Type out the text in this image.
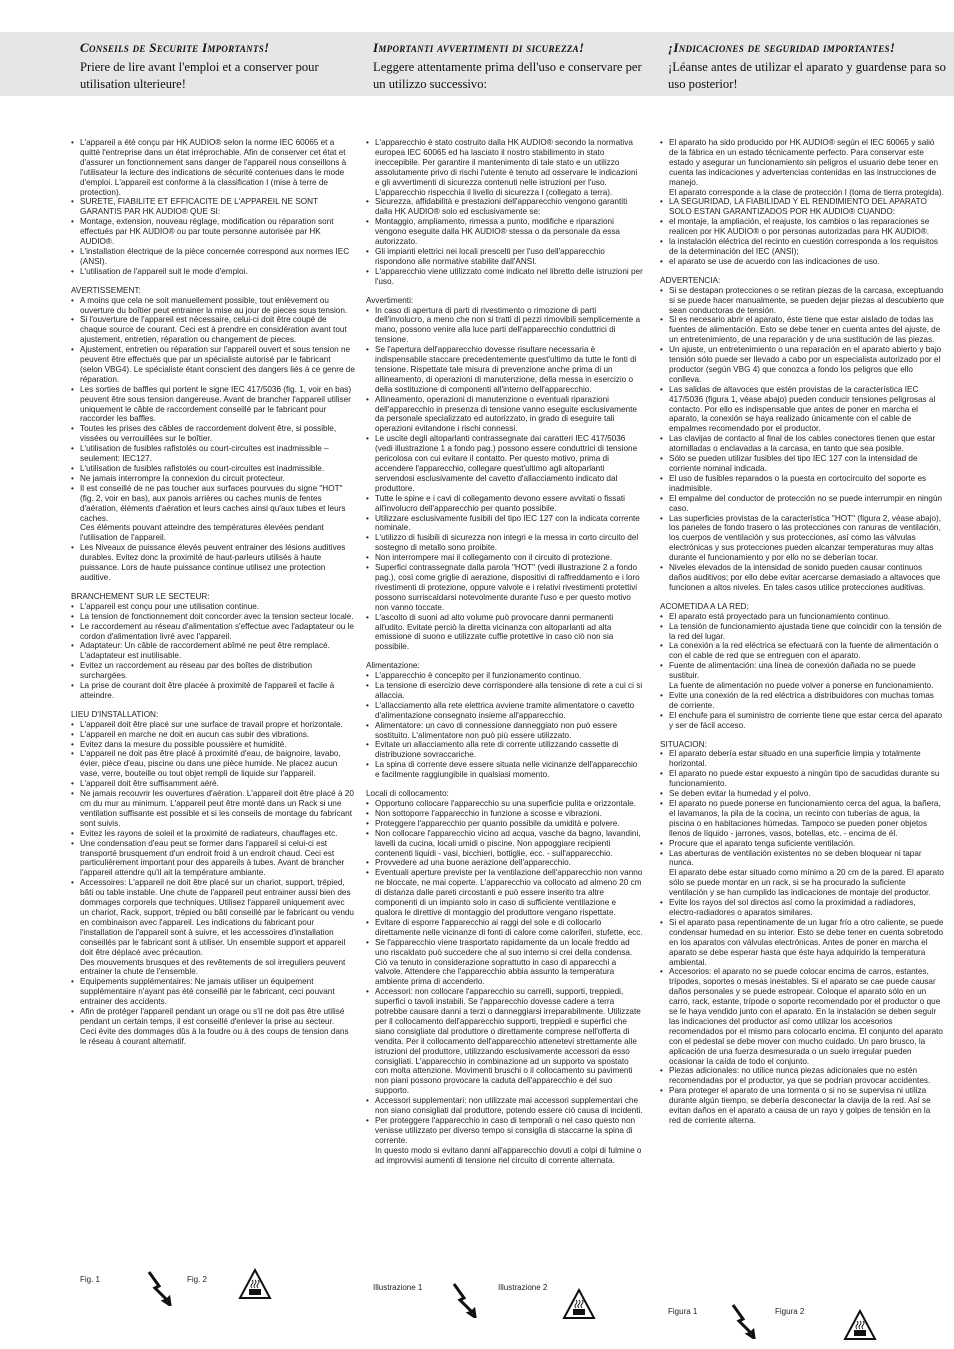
Conseils de Securite Importants!

Priere de lire avant l'emploi et a conserver pour utilisation ulterieure!

Importanti avvertimenti di sicurezza!

Leggere attentamente prima dell'uso e conservare per un utilizzo successivo:

¡Indicaciones de seguridad importantes!

¡Léanse antes de utilizar el aparato y guardense para so uso posterior!

• L'appareil a été conçu par HK AUDIO® selon la norme IEC 60065 et a quitté l'entreprise dans un état irréprochable. Afin de conserver cet état et d'assurer un fonctionnement sans danger de l'appareil nous conseillons à l'utilisateur la lecture des indications de sécurité contenues dans le mode d'emploi. L'appareil est conforme à la classification I (mise à terre de protection).

• SURETE, FIABILITE ET EFFICACITE DE L'APPAREIL NE SONT GARANTIS PAR HK AUDIO® QUE SI:

• Montage, extension, nouveau réglage, modification ou réparation sont effectués par HK AUDIO® ou par toute personne autorisée par HK AUDIO®.

• L'installation électrique de la pièce concernée correspond aux normes IEC (ANSI).

• L'utilisation de l'appareil suit le mode d'emploi.

AVERTISSEMENT:

• A moins que cela ne soit manuellement possible, tout enlèvement ou ouverture du boîtier peut entrainer la mise au jour de pieces sous tension.

• Si l'ouverture de l'appareil est nécessaire, celui-ci doit être coupé de chaque source de courant. Ceci est à prendre en considération avant tout ajustement, entretien, réparation ou changement de pieces.

• Ajustement, entretien ou réparation sur l'appareil ouvert et sous tension ne peuvent être effectués que par un spécialiste autorisé par le fabricant (selon VBG4). Le spécialiste étant conscient des dangers liés à ce genre de réparation.

• Les sorties de baffles qui portent le signe IEC 417/5036 (fig. 1, voir en bas) peuvent être sous tension dangereuse. Avant de brancher l'appareil utiliser uniquement le câble de raccordement conseillé par le fabricant pour raccorder les baffles.

• Toutes les prises des câbles de raccordement doivent être, si possible, vissées ou verrouillées sur le boîtier.

• L'utilisation de fusibles rafistolés ou court-circuites est inadmissible – seulement: IEC127.

• L'utilisation de fusibles rafistolés ou court-circuites est inadmissible.

• Ne jamais interrompre la connexion du circuit protecteur.

• Il est conseillé de ne pas toucher aux surfaces pourvues du signe "HOT" (fig. 2, voir en bas), aux panois arrières ou caches munis de fentes d'aération, éléments d'aération et leurs caches ainsi qu'aux tubes et leurs caches.

Ces éléments pouvant atteindre des températures élevées pendant l'utilisation de l'appareil.

• Les Niveaux de puissance élevés peuvent entrainer des lésions auditives durables. Evitez donc la proximité de haut-parleurs utilisés à haute puissance. Lors de haute puissance continue utilisez une protection auditive.

BRANCHEMENT SUR LE SECTEUR:

• L'appareil est conçu pour une utilisation continue.

• La tension de fonctionnement doit concorder avec la tension secteur locale.

• Le raccordement au réseau d'alimentation s'effectue avec l'adaptateur ou le cordon d'alimentation livré avec l'appareil.

• Adaptateur: Un câble de raccordement abîmé ne peut être remplacé. L'adaptateur est inutilisable.

• Evitez un raccordement au réseau par des boîtes de distribution surchargées.

• La prise de courant doit être placée à proximité de l'appareil et facile à atteindre.

LIEU D'INSTALLATION:

• L'appareil doit être placé sur une surface de travail propre et horizontale.

• L'appareil en marche ne doit en aucun cas subir des vibrations.

• Evitez dans la mesure du possible poussière et humidité.

• L'appareil ne doit pas être placé à proximité d'eau, de baignoire, lavabo, évier, pièce d'eau, piscine ou dans une pièce humide. Ne placez aucun vase, verre, bouteille ou tout objet rempli de liquide sur l'appareil.

• L'appareil doit être suffisamment aéré.

• Ne jamais recouvrir les ouvertures d'aération. L'appareil doit être placé à 20 cm du mur au minimum. L'appareil peut être monté dans un Rack si une ventilation suffisante est possible et si les conseils de montage du fabricant sont suivis.

• Evitez les rayons de soleil et la proximité de radiateurs, chauffages etc.

• Une condensation d'eau peut se former dans l'appareil si celui-ci est transporté brusquement d'un endroit froid à un endroit chaud. Ceci est particulièrement important pour des appareils à tubes. Avant de brancher l'appareil attendre qu'il ait la température ambiante.

• Accessoires: L'appareil ne doit être placé sur un chariot, support, trépied, bâti ou table instable. Une chute de l'appareil peut entrainer aussi bien des dommages corporels que techniques. Utilisez l'appareil uniquement avec un chariot, Rack, support, trépied ou bâti conseillé par le fabricant ou vendu en combinaison avec l'appareil. Les indications du fabricant pour l'installation de l'appareil sont à suivre, et les accessoires d'installation conseillés par le fabricant sont à utiliser. Un ensemble support et appareil doit être déplacé avec précaution.

Des mouvements brusques et des revêtements de sol irreguliers peuvent entrainer la chute de l'ensemble.

• Equipements supplémentaires: Ne jamais utiliser un équipement supplémentaire n'ayant pas été conseillé par le fabricant, ceci pouvant entrainer des accidents.

• Afin de protéger l'appareil pendant un orage ou s'il ne doit pas être utilisé pendant un certain temps, il est conseillé d'enlever la prise au secteur.

Ceci évite des dommages dûs à la foudre ou à des coups de tension dans le réseau à courant alternatif.

• L'apparecchio è stato costruito dalla HK AUDIO® secondo la normativa europea IEC 60065 ed ha lasciato il nostro stabilimento in stato ineccepibile. Per garantire il mantenimento di tale stato e un utilizzo assolutamente privo di rischi l'utente è tenuto ad osservare le indicazioni e gli avvertimenti di sicurezza contenuti nelle istruzioni per l'uso. L'apparecchio rispecchia il livello di sicurezza I (collegato a terra).

• Sicurezza, affidabilità e prestazioni dell'apparecchio vengono garantiti dalla HK AUDIO® solo ed esclusivamente se:

• Montaggio, ampliamento, rimessa a punto, modifiche e riparazioni vengono eseguite dalla HK AUDIO® stessa o da personale da essa autorizzato.

• Gli impianti elettrici nei locali prescelti per l'uso dell'apparecchio rispondono alle normative stabilite dall'ANSI.

• L'apparecchio viene utilizzato come indicato nel libretto delle istruzioni per l'uso.

Avvertimenti:

• In caso di apertura di parti di rivestimento o rimozione di parti dell'involucro, a meno che non si tratti di pezzi rimovibili semplicemente a mano, possono venire alla luce parti dell'apparecchio conduttrici di tensione.

• Se l'apertura dell'apparecchio dovesse risultare necessaria è indispensabile staccare precedentemente quest'ultimo da tutte le fonti di tensione. Rispettate tale misura di prevenzione anche prima di un allineamento, di operazioni di manutenzione, della messa in esercizio o della sostituzione di componenti all'interno dell'apparecchio.

• Allineamento, operazioni di manutenzione o eventuali riparazioni dell'apparecchio in presenza di tensione vanno eseguite esclusivamente da personale specializzato ed autorizzato, in grado di eseguire tali operazioni evitandone i rischi connessi.

• Le uscite degli altoparlanti contrassegnate dai caratteri IEC 417/5036 (vedi illustrazione 1 a fondo pag.) possono essere conduttrici di tensione pericolosa con cui evitare il contatto. Per questo motivo, prima di accendere l'apparecchio, collegare quest'ultimo agli altoparlanti servendosi esclusivamente del cavetto d'allacciamento indicato dal produttore.

• Tutte le spine e i cavi di collegamento devono essere avvitati o fissati all'involucro dell'apparecchio per quanto possibile.

• Utilizzare esclusivamente fusibili del tipo IEC 127 con la indicata corrente nominale.

• L'utilizzo di fusibili di sicurezza non integri e la messa in corto circuito del sostegno di metallo sono proibite.

• Non interrompere mai il collegamento con il circuito di protezione.

• Superfici contrassegnate dalla parola "HOT" (vedi illustrazione 2 a fondo pag.), così come griglie di aerazione, dispositivi di raffreddamento e i loro rivestimenti di protezione, oppure valvole e i relativi rivestimenti protettivi possono surriscaldarsi notevolmente durante l'uso e per questo motivo non vanno toccate.

• L'ascolto di suoni ad alto volume può provocare danni permanenti all'udito. Evitate perciò la diretta vicinanza con altoparlanti ad alta emissione di suono e utilizzate cuffie protettive in caso ciò non sia possibile.

Alimentazione:

• L'apparecchio è concepito per il funzionamento continuo.

• La tensione di esercizio deve corrispondere alla tensione di rete a cui ci si allaccia.

• L'allacciamento alla rete elettrica avviene tramite alimentatore o cavetto d'alimentazione consegnato insieme all'apparecchio.

• Alimentatore: un cavo di connessione danneggiato non può essere sostituito. L'alimentatore non può più essere utilizzato.

• Evitate un allacciamento alla rete di corrente utilizzando cassette di distribuzione sovraccariche.

• La spina di corrente deve essere situata nelle vicinanze dell'apparecchio e facilmente raggiungibile in qualsiasi momento.

Locali di collocamento:

• Opportuno collocare l'apparecchio su una superficie pulita e orizzontale.

• Non sottoporre l'apparecchio in funzione a scosse e vibrazioni.

• Proteggere l'apparecchio per quanto possibile da umidità e polvere.

• Non collocare l'apparecchio vicino ad acqua, vasche da bagno, lavandini, lavelli da cucina, locali umidi o piscine. Non appoggiare recipienti contenenti liquidi - vasi, bicchieri, bottiglie, ecc. - sull'apparecchio.

• Provvedere ad una buone aerazione dell'apparecchio.

• Eventuali aperture previste per la ventilazione dell'apparecchio non vanno ne bloccate, ne mai coperte. L'apparecchio va collocato ad almeno 20 cm di distanza dalle pareti circostanti e può essere inserito tra altre componenti di un impianto solo in caso di sufficiente ventilazione e qualora le direttive di montaggio del produttore vengano rispettate.

• Evitare di esporre l'apparecchio ai raggi del sole e di collocarlo direttamente nelle vicinanze di fonti di calore come caloriferi, stufette, ecc.

• Se l'apparecchio viene trasportato rapidamente da un locale freddo ad uno riscaldato può succedere che al suo interno si crei della condensa. Ciò va tenuto in considerazione soprattutto in caso di apparecchi a valvole. Attendere che l'apparecchio abbia assunto la temperatura ambiente prima di accenderlo.

• Accessori: non collocare l'apparecchio su carrelli, supporti, treppiedi, superfici o tavoli instabili. Se l'apparecchio dovesse cadere a terra potrebbe causare danni a terzi o danneggiarsi irreparabilmente. Utilizzate per il collocamento dell'apparecchio supporti, treppiedi e superfici che siano consigliate dal produttore o direttamente comprese nell'offerta di vendita. Per il collocamento dell'apparecchio attenetevi strettamente alle istruzioni del produttore, utilizzando esclusivamente accessori da esso consigliati. L'apparecchio in combinazione ad un supporto va spostato con molta attenzione. Movimenti bruschi o il collocamento su pavimenti non piani possono provocare la caduta dell'apparecchio e del suo supporto.

• Accessori supplementari: non utilizzate mai accessori supplementari che non siano consigliati dal produttore, potendo essere ciò causa di incidenti.

• Per proteggere l'apparecchio in caso di temporali o nel caso questo non venisse utilizzato per diverso tempo si consiglia di staccarne la spina di corrente.

In questo modo si evitano danni all'apparecchio dovuti a colpi di fulmine o ad improvvisi aumenti di tensione nel circuito di corrente alternata.

• El aparato ha sido producido por HK AUDIO® según el IEC 60065 y salió de la fábrica en un estado técnicamente perfecto. Para conservar este estado y asegurar un funcionamiento sin peligros el usuario debe tener en cuenta las indicaciones y advertencias contenidas en las instrucciones de manejo.

El aparato corresponde a la clase de protección I (toma de tierra protegida).

• LA SEGURIDAD, LA FIABILIDAD Y EL RENDIMIENTO DEL APARATO SOLO ESTAN GARANTIZADOS POR HK AUDIO® CUANDO:

• el montaje, la ampliación, el reajuste, los cambios o las reparaciones se realicen por HK AUDIO® o por personas autorizadas para HK AUDIO®.

• la instalación eléctrica del recinto en cuestión corresponda a los requisitos de la determinación del IEC (ANSI);

• el aparato se use de acuerdo con las indicaciones de uso.

ADVERTENCIA:

• Si se destapan protecciones o se retiran piezas de la carcasa, exceptuando si se puede hacer manualmente, se pueden dejar piezas al descubierto que sean conductoras de tensión.

• Si es necesario abrir el aparato, éste tiene que estar aislado de todas las fuentes de alimentación. Esto se debe tener en cuenta antes del ajuste, de un entretenimiento, de una reparación y de una sustitución de las piezas.

• Un ajuste, un entretenimiento o una reparación en el aparato abierto y bajo tensión sólo puede ser llevado a cabo por un especialista autorizado por el productor (según VBG 4) que conozca a fondo los peligros que ello conlleva.

• Las salidas de altavoces que estén provistas de la característica IEC 417/5036 (figura 1, véase abajo) pueden conducir tensiones peligrosas al contacto. Por ello es indispensable que antes de poner en marcha el aparato, la conexión se haya realizado únicamente con el cable de empalmes recomendado por el productor.

• Las clavijas de contacto al final de los cables conectores tienen que estar atornilladas o enclavadas a la carcasa, en tanto que sea posible.

• Sólo se pueden utilizar fusibles del tipo IEC 127 con la intensidad de corriente nominal indicada.

• El uso de fusibles reparados o la puesta en cortocircuito del soporte es inadmisible.

• El empalme del conductor de protección no se puede interrumpir en ningún caso.

• Las superficies provistas de la característica "HOT" (figura 2, véase abajo), los paneles de fondo trasero o las protecciones con ranuras de ventilación, los cuerpos de ventilación y sus protecciones, así como las válvulas electrónicas y sus protecciones pueden alcanzar temperaturas muy altas durante el funcionamiento y por ello no se deberían tocar.

• Niveles elevados de la intensidad de sonido pueden causar continuos daños auditivos; por ello debe evitar acercarse demasiado a altavoces que funcionen a altos niveles. En tales casos utilice protecciones auditivas.

ACOMETIDA A LA RED:

• El aparato está proyectado para un funcionamiento continuo.

• La tensión de funcionamiento ajustada tiene que coincidir con la tensión de la red del lugar.

• La conexión a la red eléctrica se efectuará con la fuente de alimentación o con el cable de red que se entreguen con el aparato.

• Fuente de alimentación: una línea de conexión dañada no se puede sustituir.

La fuente de alimentación no puede volver a ponerse en funcionamiento.

• Evite una conexión de la red eléctrica a distribuidores con muchas tomas de corriente.

• El enchufe para el suministro de corriente tiene que estar cerca del aparato y ser de fácil acceso.

SITUACION:

• El aparato debería estar situado en una superficie limpia y totalmente horizontal.

• El aparato no puede estar expuesto a ningún tipo de sacudidas durante su funcionamiento.

• Se deben evitar la humedad y el polvo.

• El aparato no puede ponerse en funcionamiento cerca del agua, la bañera, el lavamanos, la pila de la cocina, un recinto con tuberías de agua, la piscina o en habitaciones húmedas. Tampoco se pueden poner objetos llenos de líquido - jarrones, vasos, botellas, etc. - encima de él.

• Procure que el aparato tenga suficiente ventilación.

• Las aberturas de ventilación existentes no se deben bloquear ni tapar nunca.

El aparato debe estar situado como mínimo a 20 cm de la pared. El aparato sólo se puede montar en un rack, si se ha procurado la suficiente ventilación y se han cumplido las indicaciones de montaje del productor.

• Evite los rayos del sol directos así como la proximidad a radiadores, electro-radiadores o aparatos similares.

• Si el aparato pasa repentinamente de un lugar frío a otro caliente, se puede condensar humedad en su interior. Esto se debe tener en cuenta sobretodo en los aparatos con válvulas electrónicas. Antes de poner en marcha el aparato se debe esperar hasta que éste haya adquirido la temperatura ambiental.

• Accesorios: el aparato no se puede colocar encima de carros, estantes, trípodes, soportes o mesas inestables. Si el aparato se cae puede causar daños personales y se puede estropear. Coloque el aparato sólo en un carro, rack, estante, trípode o soporte recomendado por el productor o que se le haya vendido junto con el aparato. En la instalación se deben seguir las indicaciones del productor así como utilizar los accesorios recomendados por el mismo para colocarlo encima. El conjunto del aparato con el pedestal se debe mover con mucho cuidado. Un paro brusco, la aplicación de una fuerza desmesurada o un suelo irregular pueden ocasionar la caída de todo el conjunto.

• Piezas adicionales: no utilice nunca piezas adicionales que no estén recomendadas por el productor, ya que se podrían provocar accidentes.

• Para proteger el aparato de una tormenta o si no se supervisa ni utiliza durante algún tiempo, se debería desconectar la clavija de la red. Así se evitan daños en el aparato a causa de un rayo y golpes de tensión en la red de corriente alterna.

Fig. 1	Fig. 2
Illustrazione 1	Illustrazione 2
Figura 1	Figura 2
